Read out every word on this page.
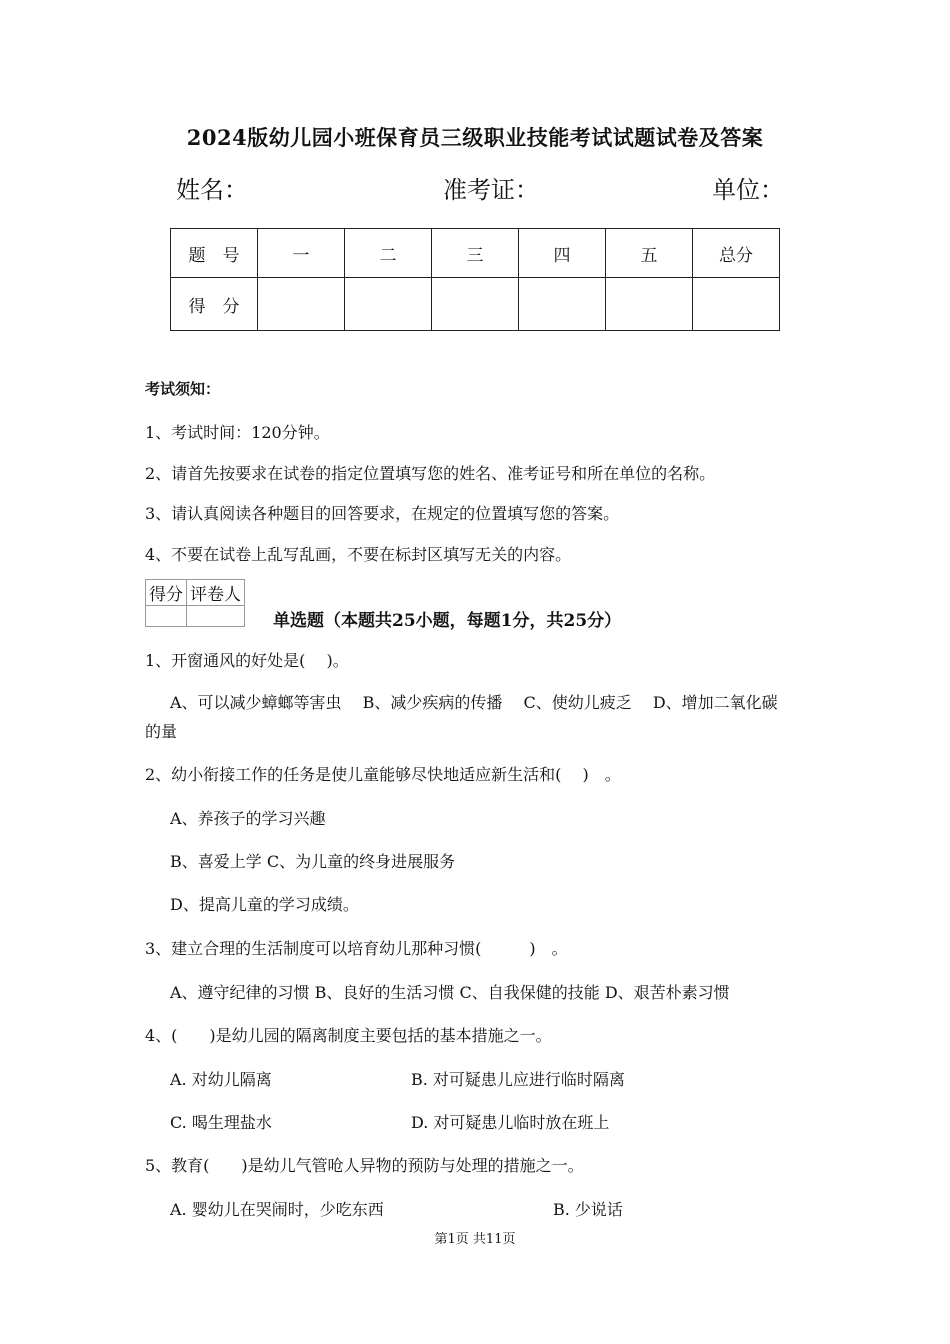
2024版幼儿园小班保育员三级职业技能考试试题试卷及答案
姓名：	准考证：	单位：
题　号	一	二	三	四	五	总分
得　分						
考试须知：
1、考试时间：120分钟。
2、请首先按要求在试卷的指定位置填写您的姓名、准考证号和所在单位的名称。
3、请认真阅读各种题目的回答要求，在规定的位置填写您的答案。
4、不要在试卷上乱写乱画，不要在标封区填写无关的内容。
得分	评卷人

单选题（本题共25小题，每题1分，共25分）
1、开窗通风的好处是(　 )。
A、可以减少蟑螂等害虫　 B、减少疾病的传播　 C、使幼儿疲乏　 D、增加二氧化碳
的量
2、幼小衔接工作的任务是使儿童能够尽快地适应新生活和(　 )　。
A、养孩子的学习兴趣
B、喜爱上学 C、为儿童的终身进展服务
D、提高儿童的学习成绩。
3、建立合理的生活制度可以培育幼儿那种习惯(　　　)　。
A、遵守纪律的习惯 B、良好的生活习惯 C、自我保健的技能 D、艰苦朴素习惯
4、(　　)是幼儿园的隔离制度主要包括的基本措施之一。
A. 对幼儿隔离	B. 对可疑患儿应进行临时隔离
C. 喝生理盐水	D. 对可疑患儿临时放在班上
5、教育(　　)是幼儿气管呛人异物的预防与处理的措施之一。
A. 婴幼儿在哭闹时，少吃东西	B. 少说话
第1页 共11页
